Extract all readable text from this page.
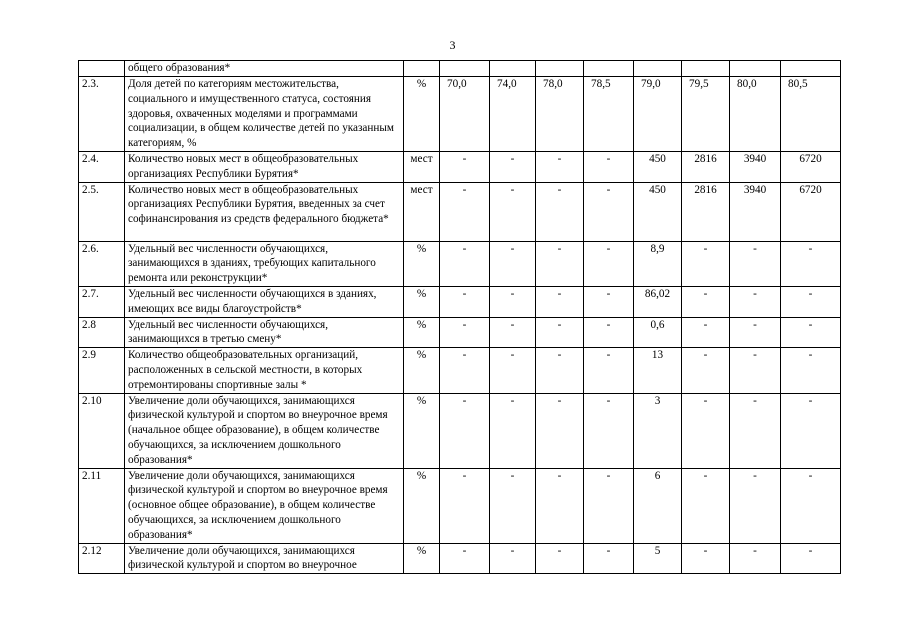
3
	общего образования*									
2.3.	Доля детей по категориям местожительства, социального и имущественного статуса, состояния здоровья, охваченных моделями и программами социализации, в общем количестве детей по указанным категориям, %	%	70,0	74,0	78,0	78,5	79,0	79,5	80,0	80,5
2.4.	Количество новых мест в общеобразовательных организациях Республики Бурятия*	мест	-	-	-	-	450	2816	3940	6720
2.5.	Количество новых мест в общеобразовательных организациях Республики Бурятия, введенных за счет софинансирования из средств федерального бюджета*	мест	-	-	-	-	450	2816	3940	6720
2.6.	Удельный вес численности обучающихся, занимающихся в зданиях, требующих капитального ремонта или реконструкции*	%	-	-	-	-	8,9	-	-	-
2.7.	Удельный вес численности обучающихся в зданиях, имеющих все виды благоустройств*	%	-	-	-	-	86,02	-	-	-
2.8	Удельный вес численности обучающихся, занимающихся в третью смену*	%	-	-	-	-	0,6	-	-	-
2.9	Количество общеобразовательных организаций, расположенных в сельской местности, в которых отремонтированы спортивные залы *	%	-	-	-	-	13	-	-	-
2.10	Увеличение доли обучающихся, занимающихся физической культурой и спортом во внеурочное время (начальное общее образование), в общем количестве обучающихся, за исключением дошкольного образования*	%	-	-	-	-	3	-	-	-
2.11	Увеличение доли обучающихся, занимающихся физической культурой и спортом во внеурочное время (основное общее образование), в общем количестве обучающихся, за исключением дошкольного образования*	%	-	-	-	-	6	-	-	-
2.12	Увеличение доли обучающихся, занимающихся физической культурой и спортом во внеурочное	%	-	-	-	-	5	-	-	-
